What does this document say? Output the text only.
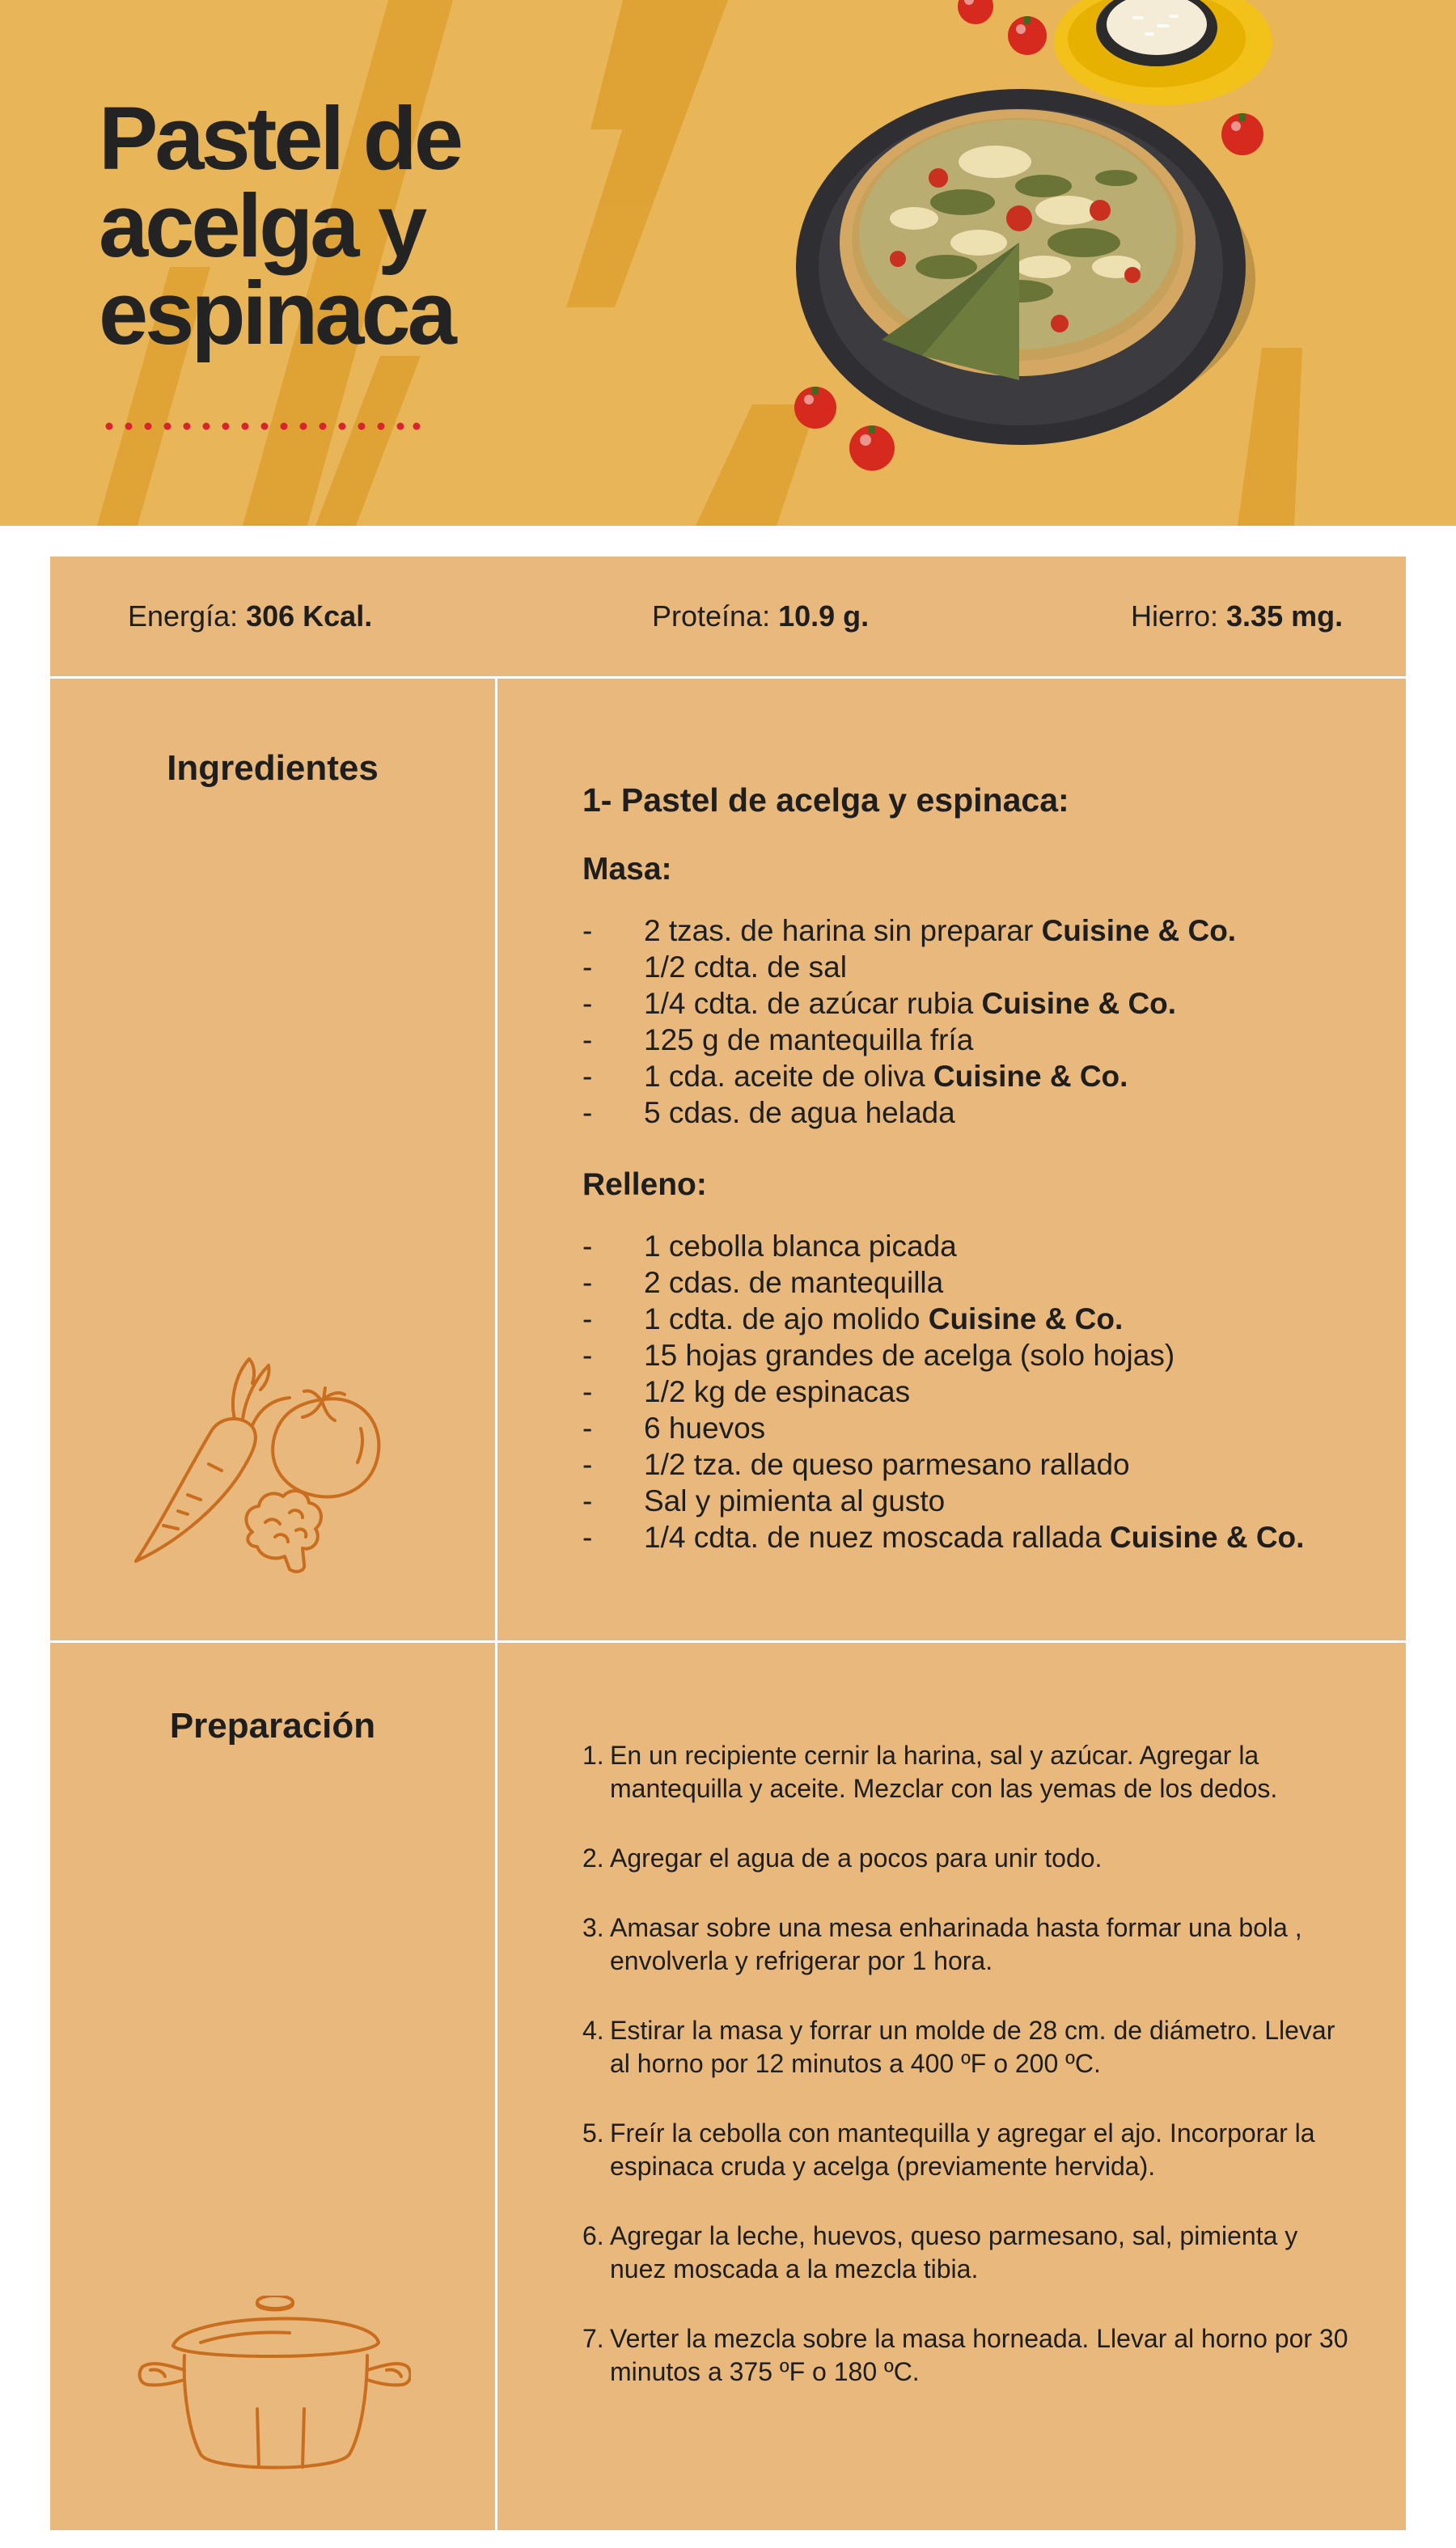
Pastel de
acelga y
espinaca
Energía: 306 Kcal.	Proteína: 10.9 g.	Hierro: 3.35 mg.
Ingredientes
1- Pastel de acelga y espinaca:
Masa:
- 2 tzas. de harina sin preparar Cuisine & Co.
- 1/2 cdta. de sal
- 1/4 cdta. de azúcar rubia Cuisine & Co.
- 125 g de mantequilla fría
- 1 cda. aceite de oliva Cuisine & Co.
- 5 cdas. de agua helada
Relleno:
- 1 cebolla blanca picada
- 2 cdas. de mantequilla
- 1 cdta. de ajo molido Cuisine & Co.
- 15 hojas grandes de acelga (solo hojas)
- 1/2 kg de espinacas
- 6 huevos
- 1/2 tza. de queso parmesano rallado
- Sal y pimienta al gusto
- 1/4 cdta. de nuez moscada rallada Cuisine & Co.
Preparación
1. En un recipiente cernir la harina, sal y azúcar. Agregar la mantequilla y aceite. Mezclar con las yemas de los dedos.
2. Agregar el agua de a pocos para unir todo.
3. Amasar sobre una mesa enharinada hasta formar una bola , envolverla y refrigerar por 1 hora.
4. Estirar la masa y forrar un molde de 28 cm. de diámetro. Llevar al horno por 12 minutos a 400 ºF o 200 ºC.
5. Freír la cebolla con mantequilla y agregar el ajo. Incorporar la espinaca cruda y acelga (previamente hervida).
6. Agregar la leche, huevos, queso parmesano, sal, pimienta y nuez moscada a la mezcla tibia.
7. Verter la mezcla sobre la masa horneada. Llevar al horno por 30 minutos a 375 ºF o 180 ºC.
